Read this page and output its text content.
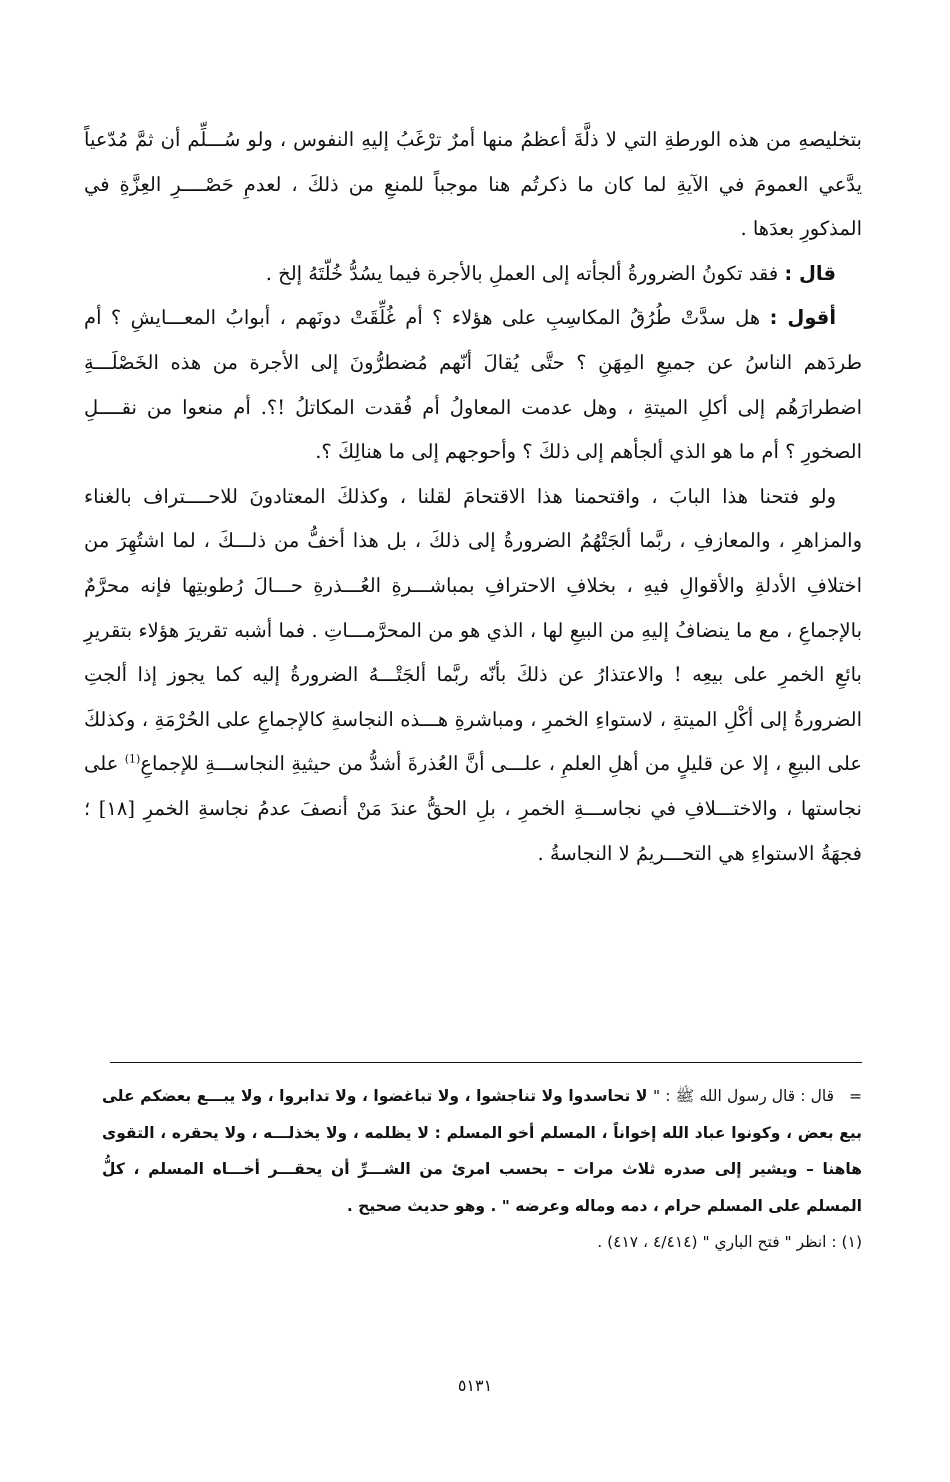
بتخليصهِ من هذه الورطةِ التي لا ذلَّةَ أعظمُ منها أمرٌ ترْغَبُ إليهِ النفوس ، ولو سُـــلِّم أن ثمَّ مُدّعياً يدَّعي العمومَ في الآيةِ لما كان ما ذكرتُم هنا موجباً للمنعِ من ذلكَ ، لعدمِ حَصْــــرِ العِزَّةِ في المذكورِ بعدَها .

قال : فقد تكونُ الضرورةُ ألجأته إلى العملِ بالأجرة فيما يسُدُّ خُلّتَهُ إلخ .

أقول : هل سدَّتْ طُرُقُ المكاسِبِ على هؤلاء ؟ أم غُلِّقَتْ دونَهم ، أبوابُ المعـــايشِ ؟ أم طردَهم الناسُ عن جميعِ المِهَنِ ؟ حتَّى يُقالَ أنّهم مُضطرُّونَ إلى الأجرة من هذه الخَصْلَـــةِ اضطرارَهُم إلى أكلِ الميتةِ ، وهل عدمت المعاولُ أم فُقدت المكاتلُ !؟. أم منعوا من نقــــلِ الصخورِ ؟ أم ما هو الذي ألجأهم إلى ذلكَ ؟ وأحوجهم إلى ما هنالِكَ ؟.

ولو فتحنا هذا البابَ ، واقتحمنا هذا الاقتحامَ لقلنا ، وكذلكَ المعتادونَ للاحــــتراف بالغناء والمزاهرِ ، والمعازفِ ، ربَّما ألجَتْهُمُ الضرورةُ إلى ذلكَ ، بل هذا أخفُّ من ذلـــكَ ، لما اشتُهِرَ من اختلافِ الأدلةِ والأقوالِ فيهِ ، بخلافِ الاحترافِ بمباشـــرةِ العُـــذرةِ حـــالَ رُطوبتِها فإنه محرَّمٌ بالإجماعِ ، مع ما ينضافُ إليهِ من البيعِ لها ، الذي هو من المحرَّمـــاتِ . فما أشبه تقريرَ هؤلاء بتقريرِ بائعِ الخمرِ على بيعِه ! والاعتذارُ عن ذلكَ بأنّه ربَّما ألجَتْـــهُ الضرورةُ إليه كما يجوز إذا ألجتِ الضرورةُ إلى أكْلِ الميتةِ ، لاستواءِ الخمرِ ، ومباشرةِ هـــذه النجاسةِ كالإجماعِ على الحُرْمَةِ ، وكذلكَ على البيعِ ، إلا عن قليلٍ من أهلِ العلمِ ، علـــى أنَّ العُذرةَ أشدُّ من حيثيةِ النجاســـةِ للإجماعِ$^{(1)}$ على نجاستها ، والاختـــلافِ في نجاســـةِ الخمرِ ، بلِ الحقُّ عندَ مَنْ أنصفَ عدمُ نجاسةِ الخمرِ [١٨] ؛ فجهَةُ الاستواءِ هي التحـــريمُ لا النجاسةُ .

=قال : قال رسول الله ﷺ : " لا تحاسدوا ولا تناجشوا ، ولا تباغضوا ، ولا تدابروا ، ولا يبـــع بعضكم على بيع بعض ، وكونوا عباد الله إخواناً ، المسلم أخو المسلم : لا يظلمه ، ولا يخذلـــه ، ولا يحقره ، التقوى هاهنا – ويشير إلى صدره ثلاث مرات – بحسب امرئ من الشـــرِّ أن يحقـــر أخـــاه المسلم ، كلُّ المسلم على المسلم حرام ، دمه وماله وعرضه " . وهو حديث صحيح .

(١) : انظر " فتح الباري " (٤/٤١٤ ، ٤١٧) .

٥١٣١
